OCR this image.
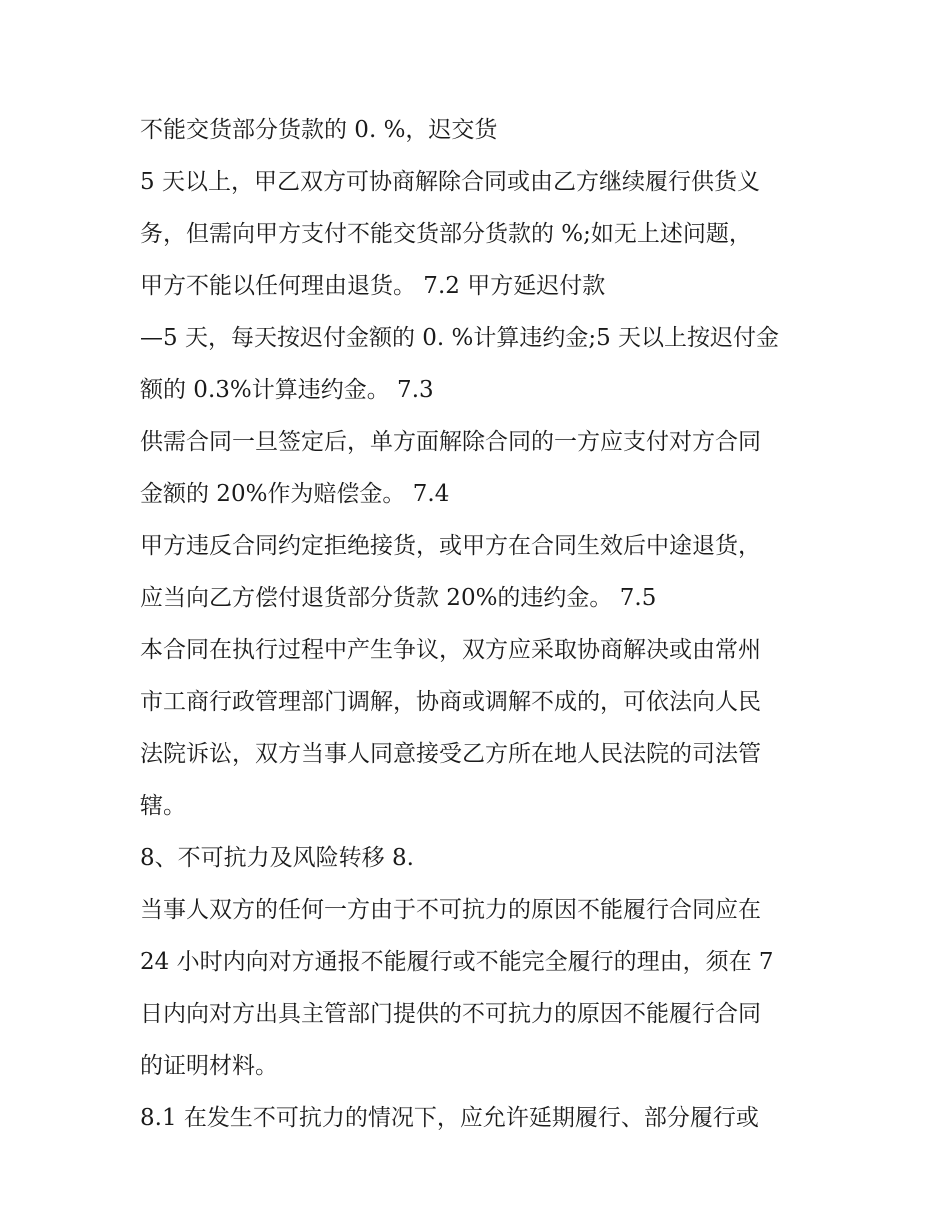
不能交货部分货款的 0. %，迟交货
5 天以上，甲乙双方可协商解除合同或由乙方继续履行供货义
务，但需向甲方支付不能交货部分货款的 %;如无上述问题，
甲方不能以任何理由退货。 7.2 甲方延迟付款
—5 天，每天按迟付金额的 0. %计算违约金;5 天以上按迟付金
额的 0.3%计算违约金。 7.3
供需合同一旦签定后，单方面解除合同的一方应支付对方合同
金额的 20%作为赔偿金。 7.4
甲方违反合同约定拒绝接货，或甲方在合同生效后中途退货，
应当向乙方偿付退货部分货款 20%的违约金。 7.5
本合同在执行过程中产生争议，双方应采取协商解决或由常州
市工商行政管理部门调解，协商或调解不成的，可依法向人民
法院诉讼，双方当事人同意接受乙方所在地人民法院的司法管
辖。
8、不可抗力及风险转移 8.
当事人双方的任何一方由于不可抗力的原因不能履行合同应在
24 小时内向对方通报不能履行或不能完全履行的理由，须在 7
日内向对方出具主管部门提供的不可抗力的原因不能履行合同
的证明材料。
8.1 在发生不可抗力的情况下，应允许延期履行、部分履行或
